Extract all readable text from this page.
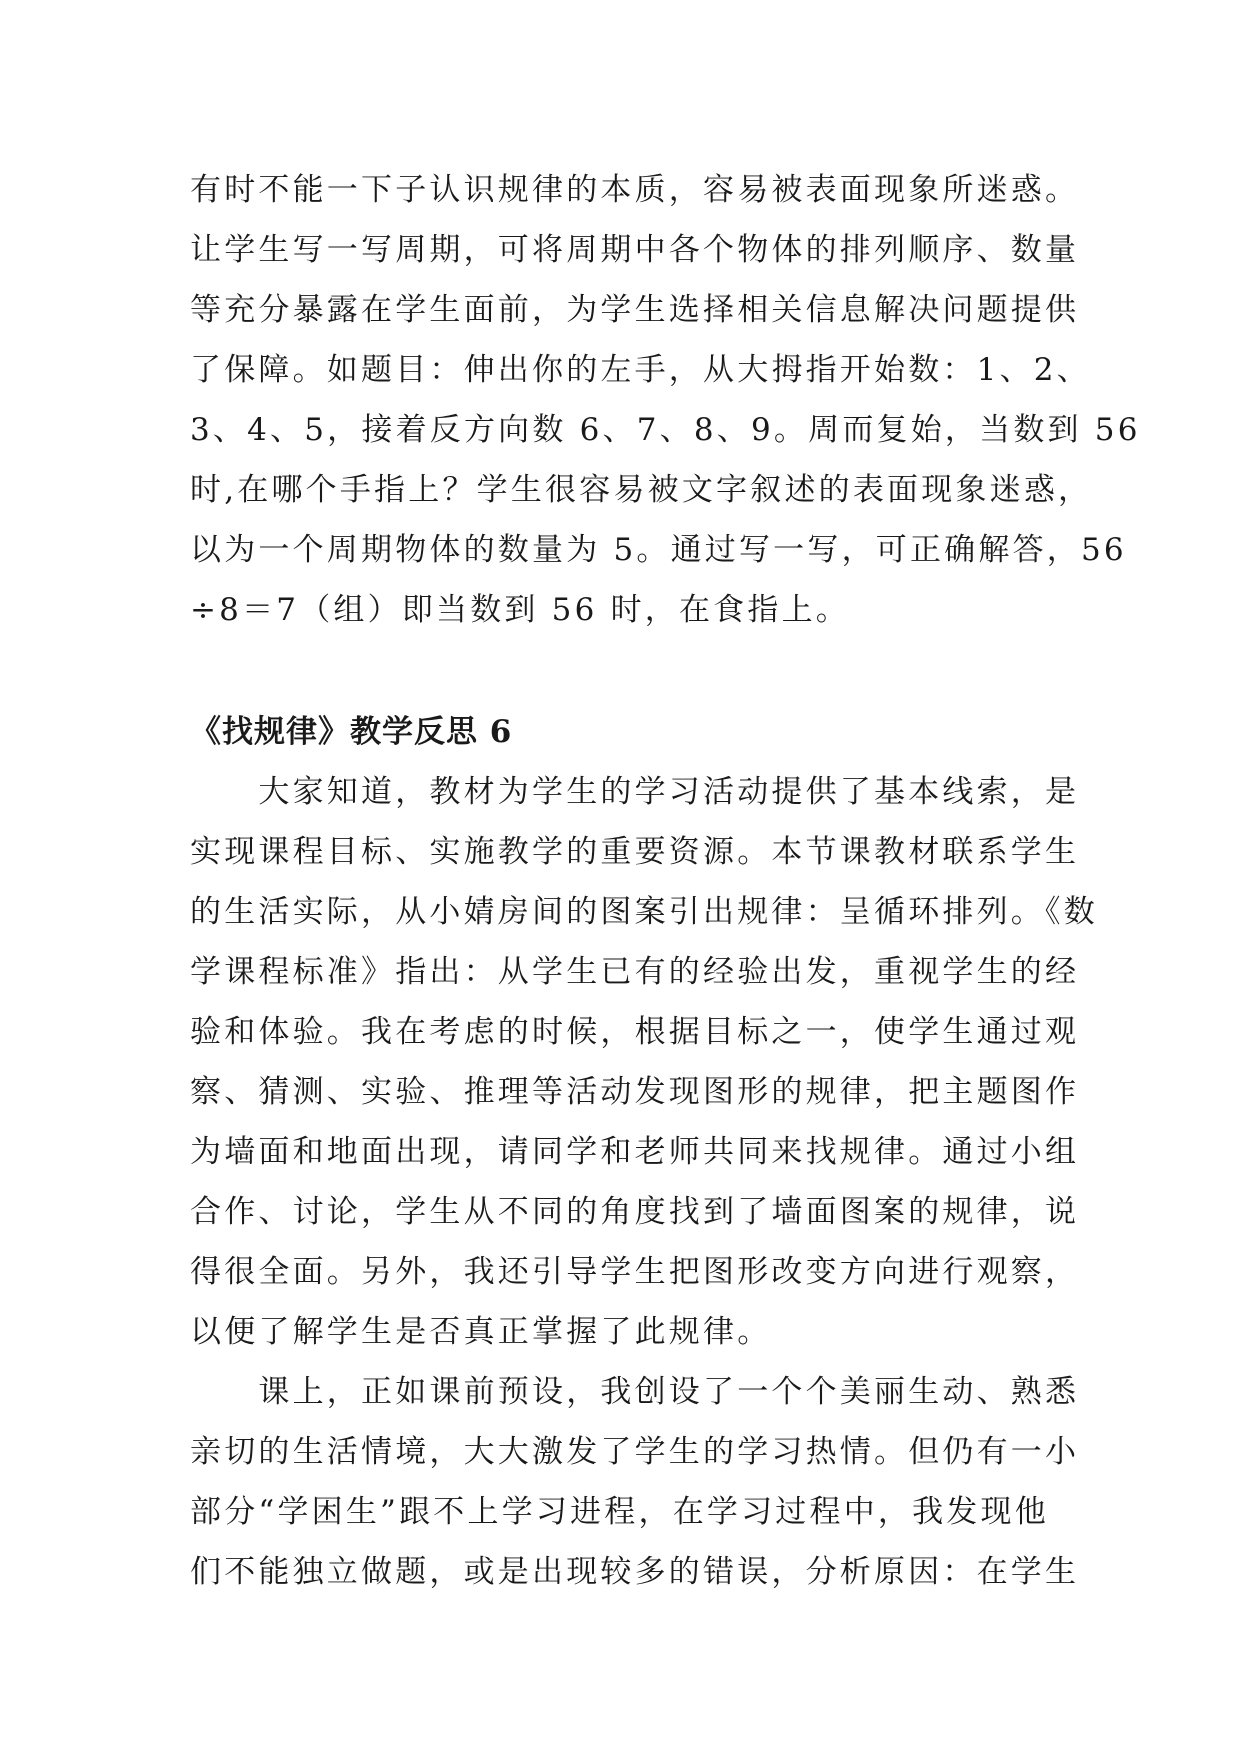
有时不能一下子认识规律的本质，容易被表面现象所迷惑。

让学生写一写周期，可将周期中各个物体的排列顺序、数量

等充分暴露在学生面前，为学生选择相关信息解决问题提供

了保障。如题目：伸出你的左手，从大拇指开始数：1、2、

3、4、5，接着反方向数 6、7、8、9。周而复始，当数到 56

时,在哪个手指上？学生很容易被文字叙述的表面现象迷惑，

以为一个周期物体的数量为 5。通过写一写，可正确解答，56

÷8＝7（组）即当数到 56 时，在食指上。

《找规律》教学反思 6

　　大家知道，教材为学生的学习活动提供了基本线索，是

实现课程目标、实施教学的重要资源。本节课教材联系学生

的生活实际，从小婧房间的图案引出规律：呈循环排列。《数

学课程标准》指出：从学生已有的经验出发，重视学生的经

验和体验。我在考虑的时候，根据目标之一，使学生通过观

察、猜测、实验、推理等活动发现图形的规律，把主题图作

为墙面和地面出现，请同学和老师共同来找规律。通过小组

合作、讨论，学生从不同的角度找到了墙面图案的规律，说

得很全面。另外，我还引导学生把图形改变方向进行观察，

以便了解学生是否真正掌握了此规律。

　　课上，正如课前预设，我创设了一个个美丽生动、熟悉

亲切的生活情境，大大激发了学生的学习热情。但仍有一小

部分“学困生”跟不上学习进程，在学习过程中，我发现他

们不能独立做题，或是出现较多的错误，分析原因：在学生
